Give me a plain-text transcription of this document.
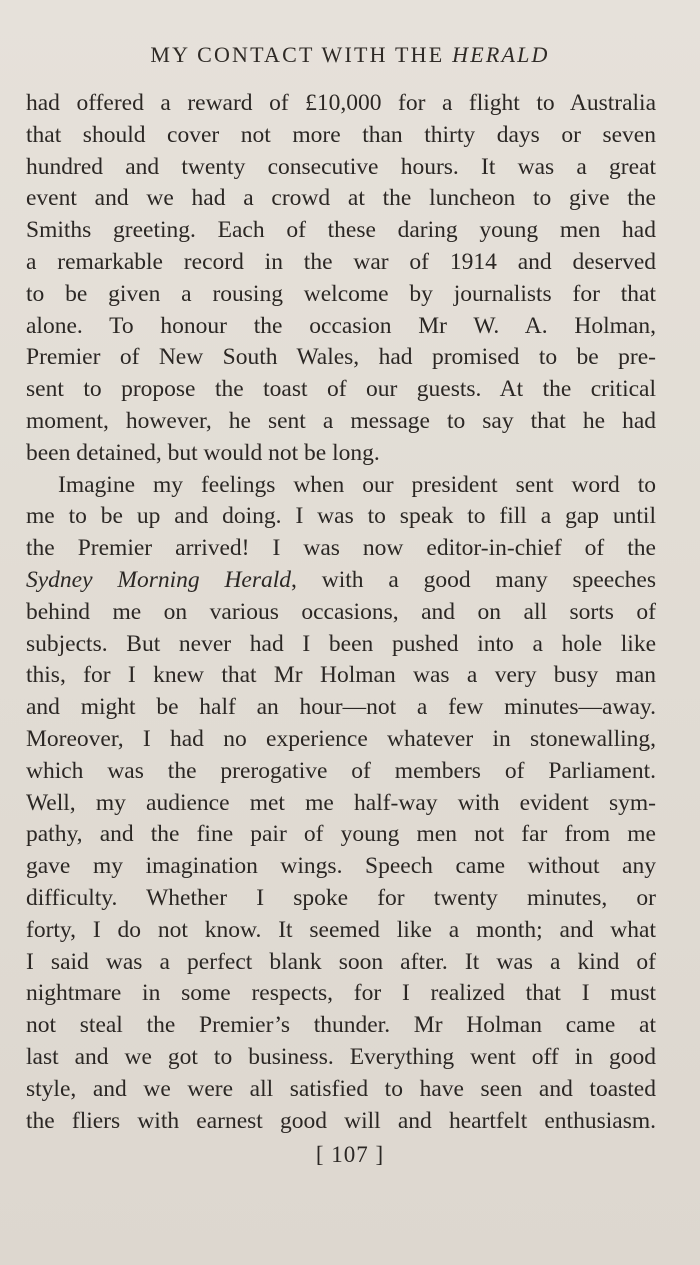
MY CONTACT WITH THE HERALD
had offered a reward of £10,000 for a flight to Australia
that should cover not more than thirty days or seven
hundred and twenty consecutive hours. It was a great
event and we had a crowd at the luncheon to give the
Smiths greeting. Each of these daring young men had
a remarkable record in the war of 1914 and deserved
to be given a rousing welcome by journalists for that
alone. To honour the occasion Mr W. A. Holman,
Premier of New South Wales, had promised to be pre-
sent to propose the toast of our guests. At the critical
moment, however, he sent a message to say that he had
been detained, but would not be long.
Imagine my feelings when our president sent word to
me to be up and doing. I was to speak to fill a gap until
the Premier arrived! I was now editor-in-chief of the
Sydney Morning Herald, with a good many speeches
behind me on various occasions, and on all sorts of
subjects. But never had I been pushed into a hole like
this, for I knew that Mr Holman was a very busy man
and might be half an hour—not a few minutes—away.
Moreover, I had no experience whatever in stonewalling,
which was the prerogative of members of Parliament.
Well, my audience met me half-way with evident sym-
pathy, and the fine pair of young men not far from me
gave my imagination wings. Speech came without any
difficulty. Whether I spoke for twenty minutes, or
forty, I do not know. It seemed like a month; and what
I said was a perfect blank soon after. It was a kind of
nightmare in some respects, for I realized that I must
not steal the Premier’s thunder. Mr Holman came at
last and we got to business. Everything went off in good
style, and we were all satisfied to have seen and toasted
the fliers with earnest good will and heartfelt enthusiasm.
[ 107 ]
